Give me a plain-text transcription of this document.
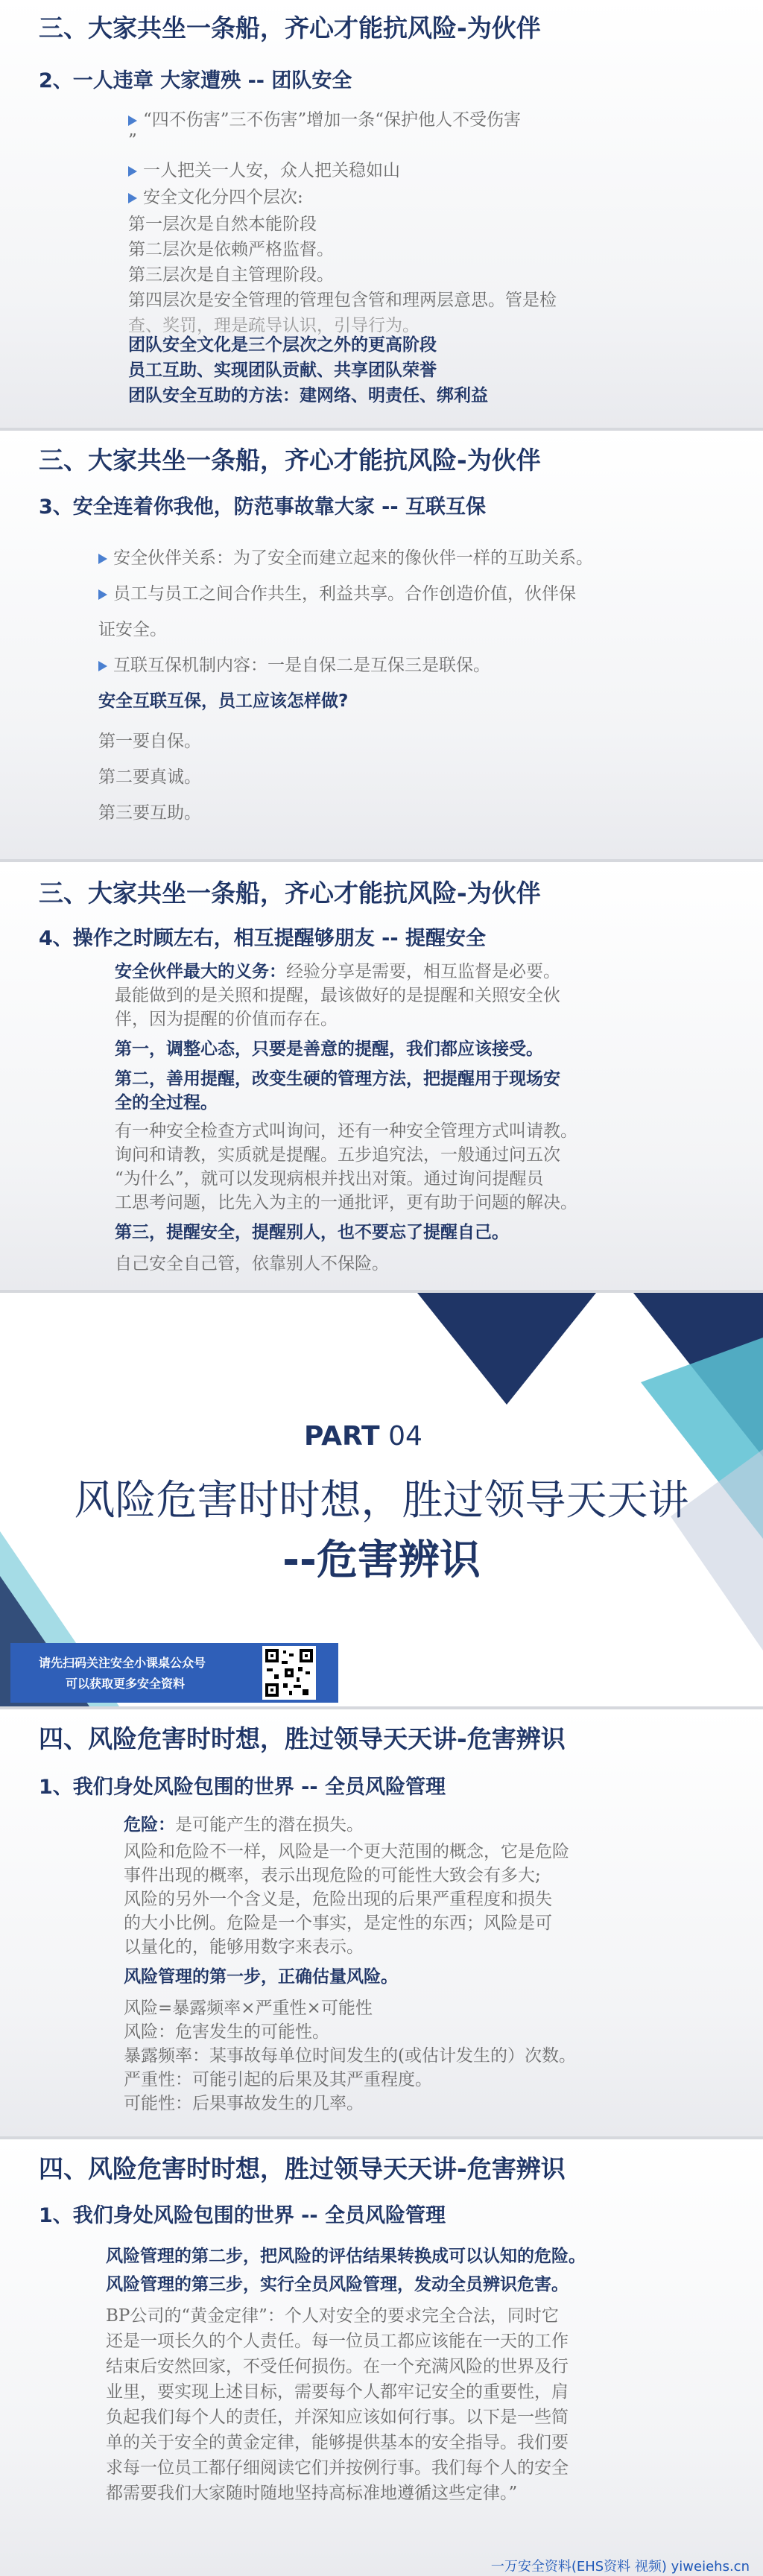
三、大家共坐一条船，齐心才能抗风险-为伙伴
2、一人违章 大家遭殃 -- 团队安全
“四不伤害”三不伤害”增加一条“保护他人不受伤害
”
一人把关一人安，众人把关稳如山
安全文化分四个层次:
第一层次是自然本能阶段
第二层次是依赖严格监督。
第三层次是自主管理阶段。
第四层次是安全管理的管理包含管和理两层意思。管是检
查、奖罚，理是疏导认识，引导行为。
团队安全文化是三个层次之外的更高阶段
员工互助、实现团队贡献、共享团队荣誉
团队安全互助的方法：建网络、明责任、绑利益
三、大家共坐一条船，齐心才能抗风险-为伙伴
3、安全连着你我他，防范事故靠大家 -- 互联互保
安全伙伴关系：为了安全而建立起来的像伙伴一样的互助关系。
员工与员工之间合作共生，利益共享。合作创造价值，伙伴保
证安全。
互联互保机制内容：一是自保二是互保三是联保。
安全互联互保，员工应该怎样做?
第一要自保。
第二要真诚。
第三要互助。
三、大家共坐一条船，齐心才能抗风险-为伙伴
4、操作之时顾左右，相互提醒够朋友 -- 提醒安全
安全伙伴最大的义务：经验分享是需要，相互监督是必要。
最能做到的是关照和提醒，最该做好的是提醒和关照安全伙
伴，因为提醒的价值而存在。
第一，调整心态，只要是善意的提醒，我们都应该接受。
第二，善用提醒，改变生硬的管理方法，把提醒用于现场安
全的全过程。
有一种安全检查方式叫询问，还有一种安全管理方式叫请教。
询问和请教，实质就是提醒。五步追究法，一般通过问五次
“为什么”，就可以发现病根并找出对策。通过询问提醒员
工思考问题，比先入为主的一通批评，更有助于问题的解决。
第三，提醒安全，提醒别人，也不要忘了提醒自己。
自己安全自己管，依靠别人不保险。
PART 04
风险危害时时想，胜过领导天天讲
--危害辨识
请先扫码关注安全小课桌公众号
可以获取更多安全资料
四、风险危害时时想，胜过领导天天讲-危害辨识
1、我们身处风险包围的世界 -- 全员风险管理
危险：是可能产生的潜在损失。
风险和危险不一样，风险是一个更大范围的概念，它是危险
事件出现的概率，表示出现危险的可能性大致会有多大;
风险的另外一个含义是，危险出现的后果严重程度和损失
的大小比例。危险是一个事实，是定性的东西；风险是可
以量化的，能够用数字来表示。
风险管理的第一步，正确估量风险。
风险=暴露频率×严重性×可能性
风险：危害发生的可能性。
暴露频率：某事故每单位时间发生的(或估计发生的）次数。
严重性：可能引起的后果及其严重程度。
可能性：后果事故发生的几率。
四、风险危害时时想，胜过领导天天讲-危害辨识
1、我们身处风险包围的世界 -- 全员风险管理
风险管理的第二步，把风险的评估结果转换成可以认知的危险。
风险管理的第三步，实行全员风险管理，发动全员辨识危害。
BP公司的“黄金定律”：个人对安全的要求完全合法，同时它
还是一项长久的个人责任。每一位员工都应该能在一天的工作
结束后安然回家，不受任何损伤。在一个充满风险的世界及行
业里，要实现上述目标，需要每个人都牢记安全的重要性，肩
负起我们每个人的责任，并深知应该如何行事。以下是一些简
单的关于安全的黄金定律，能够提供基本的安全指导。我们要
求每一位员工都仔细阅读它们并按例行事。我们每个人的安全
都需要我们大家随时随地坚持高标准地遵循这些定律。”
一万安全资料(EHS资料 视频) yiweiehs.cn
